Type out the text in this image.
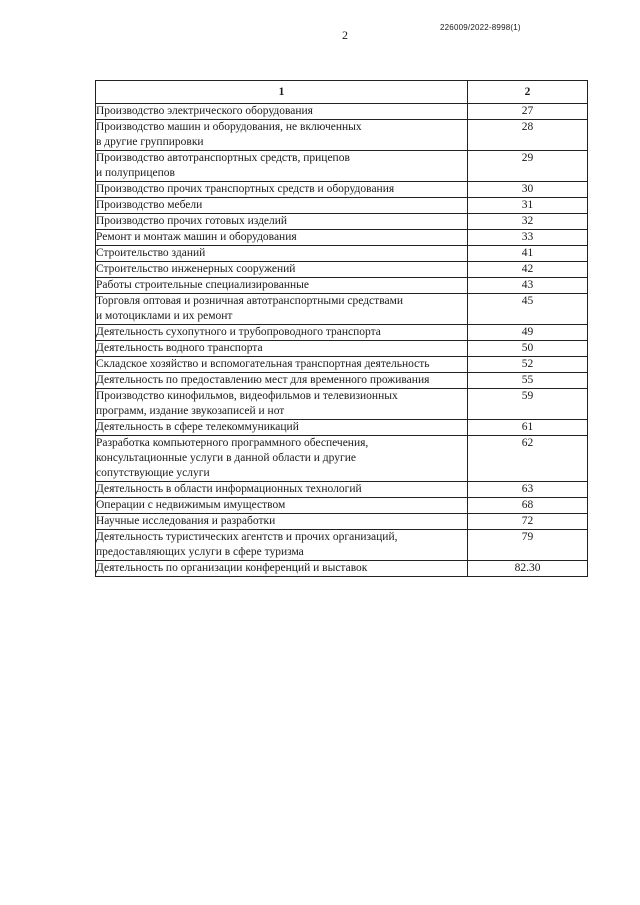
2
226009/2022-8998(1)
1	2

Производство электрического оборудования	27

Производство машин и оборудования, не включенных
в другие группировки	28

Производство автотранспортных средств, прицепов
и полуприцепов	29

Производство прочих транспортных средств и оборудования	30

Производство мебели	31

Производство прочих готовых изделий	32

Ремонт и монтаж машин и оборудования	33

Строительство зданий	41

Строительство инженерных сооружений	42

Работы строительные специализированные	43

Торговля оптовая и розничная автотранспортными средствами
и мотоциклами и их ремонт	45

Деятельность сухопутного и трубопроводного транспорта	49

Деятельность водного транспорта	50

Складское хозяйство и вспомогательная транспортная деятельность	52

Деятельность по предоставлению мест для временного проживания	55

Производство кинофильмов, видеофильмов и телевизионных
программ, издание звукозаписей и нот	59

Деятельность в сфере телекоммуникаций	61

Разработка компьютерного программного обеспечения,
консультационные услуги в данной области и другие
сопутствующие услуги	62

Деятельность в области информационных технологий	63

Операции с недвижимым имуществом	68

Научные исследования и разработки	72

Деятельность туристических агентств и прочих организаций,
предоставляющих услуги в сфере туризма	79

Деятельность по организации конференций и выставок	82.30
